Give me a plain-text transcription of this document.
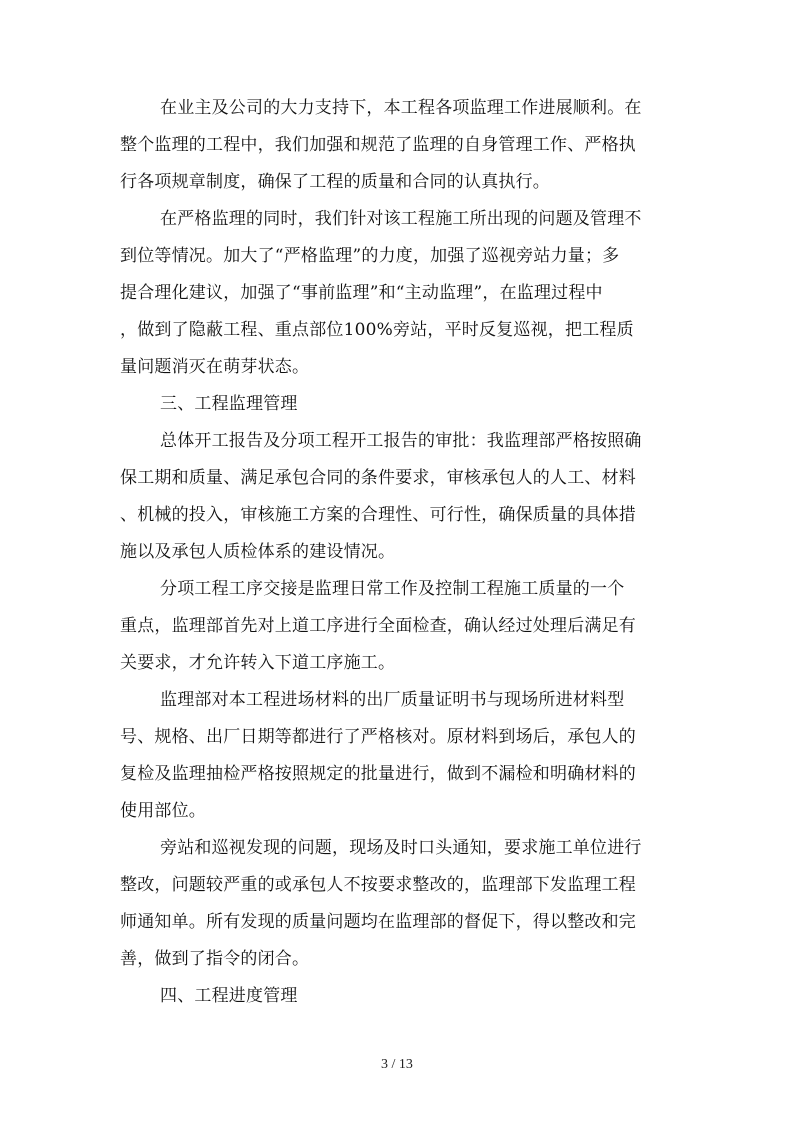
在业主及公司的大力支持下，本工程各项监理工作进展顺利。在
整个监理的工程中，我们加强和规范了监理的自身管理工作、严格执
行各项规章制度，确保了工程的质量和合同的认真执行。
在严格监理的同时，我们针对该工程施工所出现的问题及管理不
到位等情况。加大了“严格监理”的力度，加强了巡视旁站力量；多
提合理化建议，加强了“事前监理”和“主动监理”，在监理过程中
，做到了隐蔽工程、重点部位100%旁站，平时反复巡视，把工程质
量问题消灭在萌芽状态。
三、工程监理管理
总体开工报告及分项工程开工报告的审批：我监理部严格按照确
保工期和质量、满足承包合同的条件要求，审核承包人的人工、材料
、机械的投入，审核施工方案的合理性、可行性，确保质量的具体措
施以及承包人质检体系的建设情况。
分项工程工序交接是监理日常工作及控制工程施工质量的一个
重点，监理部首先对上道工序进行全面检查，确认经过处理后满足有
关要求，才允许转入下道工序施工。
监理部对本工程进场材料的出厂质量证明书与现场所进材料型
号、规格、出厂日期等都进行了严格核对。原材料到场后，承包人的
复检及监理抽检严格按照规定的批量进行，做到不漏检和明确材料的
使用部位。
旁站和巡视发现的问题，现场及时口头通知，要求施工单位进行
整改，问题较严重的或承包人不按要求整改的，监理部下发监理工程
师通知单。所有发现的质量问题均在监理部的督促下，得以整改和完
善，做到了指令的闭合。
四、工程进度管理
3 / 13
